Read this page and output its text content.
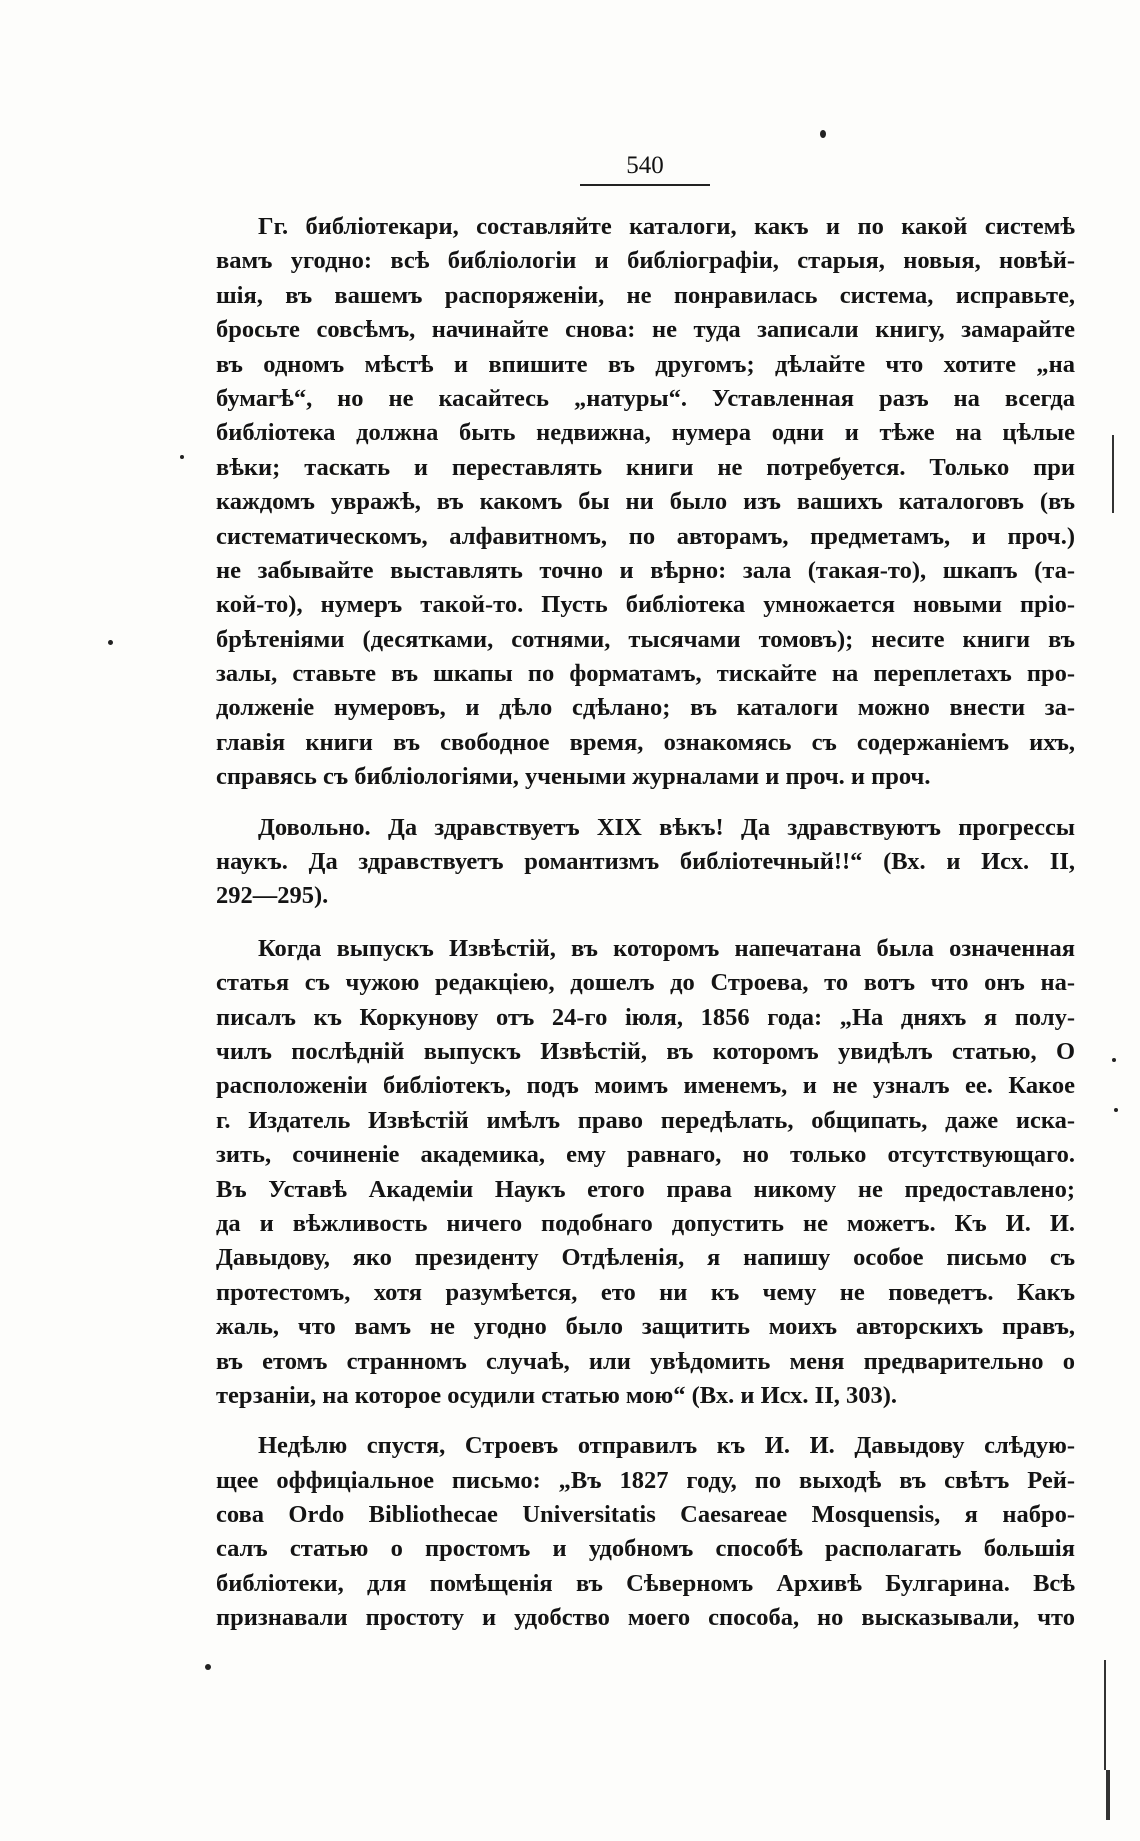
540
Гг. библiотекари, составляйте каталоги, какъ и по какой системѣ
вамъ угодно: всѣ библiологiи и библiографiи, старыя, новыя, новѣй-
шiя, въ вашемъ распоряженiи, не понравилась система, исправьте,
бросьте совсѣмъ, начинайте снова: не туда записали книгу, замарайте
въ одномъ мѣстѣ и впишите въ другомъ; дѣлайте что хотите „на
бумагѣ“, но не касайтесь „натуры“. Уставленная разъ на всегда
библiотека должна быть недвижна, нумера одни и тѣже на цѣлые
вѣки; таскать и переставлять книги не потребуется. Только при
каждомъ увражѣ, въ какомъ бы ни было изъ вашихъ каталоговъ (въ
систематическомъ, алфавитномъ, по авторамъ, предметамъ, и проч.)
не забывайте выставлять точно и вѣрно: зала (такая-то), шкапъ (та-
кой-то), нумеръ такой-то. Пусть библiотека умножается новыми прiо-
брѣтенiями (десятками, сотнями, тысячами томовъ); несите книги въ
залы, ставьте въ шкапы по форматамъ, тискайте на переплетахъ про-
долженiе нумеровъ, и дѣло сдѣлано; въ каталоги можно внести за-
главiя книги въ свободное время, ознакомясь съ содержанiемъ ихъ,
справясь съ библiологiями, учеными журналами и проч. и проч.
Довольно. Да здравствуетъ XIX вѣкъ! Да здравствуютъ прогрессы
наукъ. Да здравствуетъ романтизмъ библiотечный!!“ (Вх. и Исх. II,
292—295).
Когда выпускъ Извѣстiй, въ которомъ напечатана была означенная
статья съ чужою редакцiею, дошелъ до Строева, то вотъ что онъ на-
писалъ къ Коркунову отъ 24-го iюля, 1856 года: „На дняхъ я полу-
чилъ послѣднiй выпускъ Извѣстiй, въ которомъ увидѣлъ статью, О
расположенiи библiотекъ, подъ моимъ именемъ, и не узналъ ее. Какое
г. Издатель Извѣстiй имѣлъ право передѣлать, общипать, даже иска-
зить, сочиненiе академика, ему равнаго, но только отсутствующаго.
Въ Уставѣ Академiи Наукъ етого права никому не предоставлено;
да и вѣжливость ничего подобнаго допустить не можетъ. Къ И. И.
Давыдову, яко президенту Отдѣленiя, я напишу особое письмо съ
протестомъ, хотя разумѣется, ето ни къ чему не поведетъ. Какъ
жаль, что вамъ не угодно было защитить моихъ авторскихъ правъ,
въ етомъ странномъ случаѣ, или увѣдомить меня предварительно о
терзанiи, на которое осудили статью мою“ (Вх. и Исх. II, 303).
Недѣлю спустя, Строевъ отправилъ къ И. И. Давыдову слѣдую-
щее оффицiальное письмо: „Въ 1827 году, по выходѣ въ свѣтъ Рей-
сова Ordo Bibliothecae Universitatis Caesareae Mosquensis, я набро-
салъ статью о простомъ и удобномъ способѣ располагать большiя
библiотеки, для помѣщенiя въ Сѣверномъ Архивѣ Булгарина. Всѣ
признавали простоту и удобство моего способа, но высказывали, что
